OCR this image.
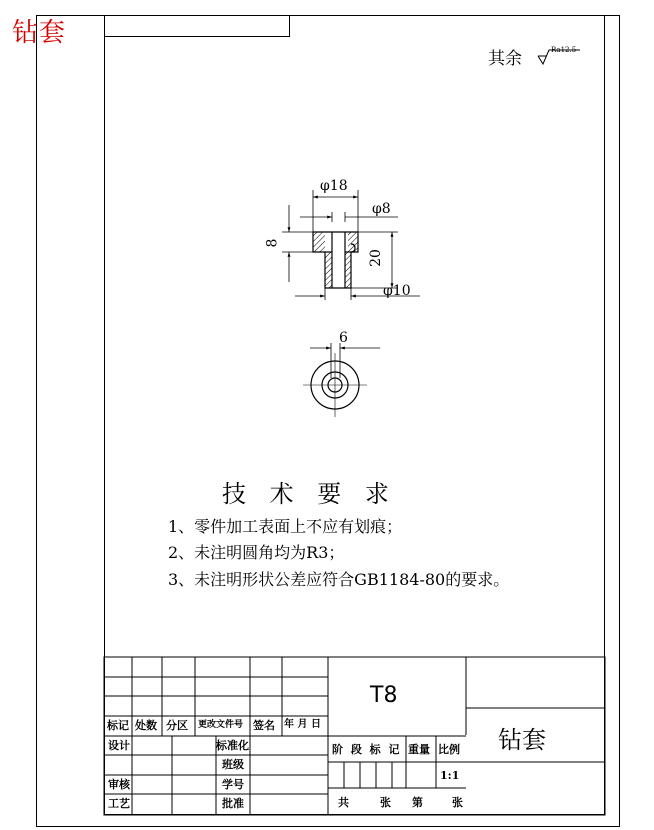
钻套
其余	Ra12.5
φ18
φ8
8
20
φ10
6
技 术 要 求
1、零件加工表面上不应有划痕；
2、未注明圆角均为R3；
3、未注明形状公差应符合GB1184-80的要求。
T8
钻套
标记 处数 分区 更改文件号 签名 年 月 日
设计	标准化
班级
审核	学号
工艺	批准
阶 段 标 记 重量 比例
1:1
共	张 第	张
